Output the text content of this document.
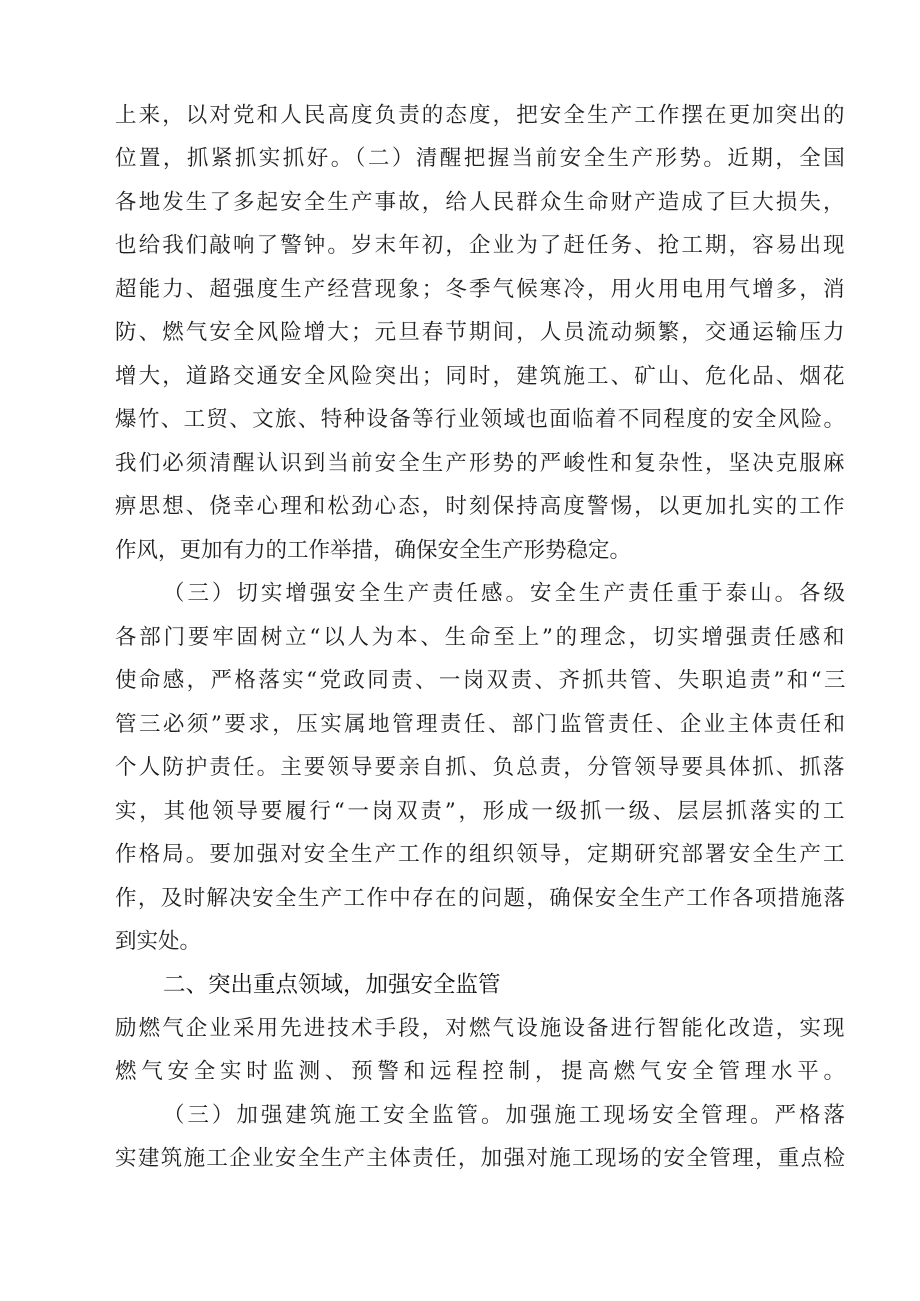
上来，以对党和人民高度负责的态度，把安全生产工作摆在更加突出的
位置，抓紧抓实抓好。（二）清醒把握当前安全生产形势。近期，全国
各地发生了多起安全生产事故，给人民群众生命财产造成了巨大损失，
也给我们敲响了警钟。岁末年初，企业为了赶任务、抢工期，容易出现
超能力、超强度生产经营现象；冬季气候寒冷，用火用电用气增多，消
防、燃气安全风险增大；元旦春节期间，人员流动频繁，交通运输压力
增大，道路交通安全风险突出；同时，建筑施工、矿山、危化品、烟花
爆竹、工贸、文旅、特种设备等行业领域也面临着不同程度的安全风险。
我们必须清醒认识到当前安全生产形势的严峻性和复杂性，坚决克服麻
痹思想、侥幸心理和松劲心态，时刻保持高度警惕，以更加扎实的工作
作风，更加有力的工作举措，确保安全生产形势稳定。
（三）切实增强安全生产责任感。安全生产责任重于泰山。各级
各部门要牢固树立“以人为本、生命至上”的理念，切实增强责任感和
使命感，严格落实“党政同责、一岗双责、齐抓共管、失职追责”和“三
管三必须”要求，压实属地管理责任、部门监管责任、企业主体责任和
个人防护责任。主要领导要亲自抓、负总责，分管领导要具体抓、抓落
实，其他领导要履行“一岗双责”，形成一级抓一级、层层抓落实的工
作格局。要加强对安全生产工作的组织领导，定期研究部署安全生产工
作，及时解决安全生产工作中存在的问题，确保安全生产工作各项措施落
到实处。
二、突出重点领域，加强安全监管
励燃气企业采用先进技术手段，对燃气设施设备进行智能化改造，实现
燃气安全实时监测、预警和远程控制，提高燃气安全管理水平。
（三）加强建筑施工安全监管。加强施工现场安全管理。严格落
实建筑施工企业安全生产主体责任，加强对施工现场的安全管理，重点检
